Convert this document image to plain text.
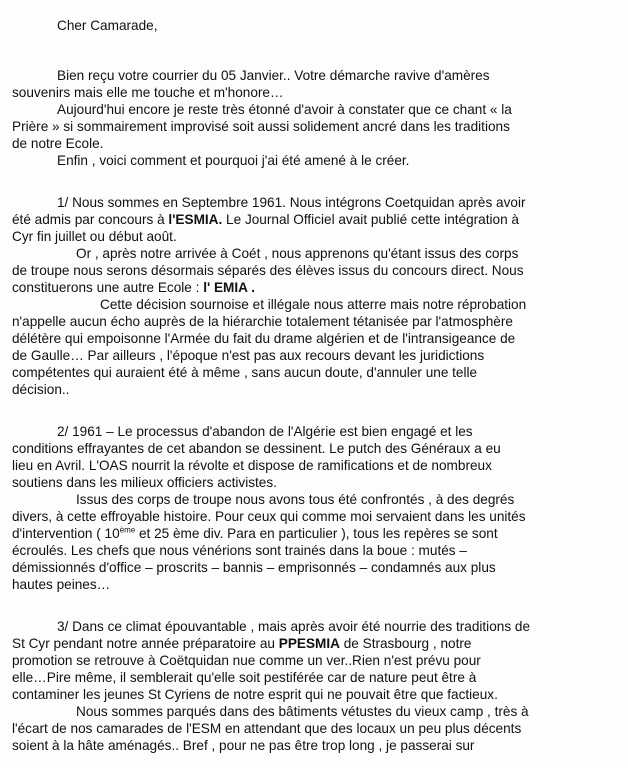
Cher Camarade,
Bien reçu votre courrier du 05 Janvier.. Votre démarche ravive d'amères
souvenirs mais elle me touche et m'honore…
Aujourd'hui encore je reste très étonné d'avoir à constater que ce chant « la
Prière » si sommairement improvisé soit aussi solidement ancré dans les traditions
de notre Ecole.
Enfin , voici comment et pourquoi j'ai été amené à le créer.
1/ Nous sommes en Septembre 1961. Nous intégrons Coetquidan après avoir
été admis par concours à l'ESMIA. Le Journal Officiel avait publié cette intégration à
Cyr fin juillet ou début août.
Or , après notre arrivée à Coét , nous apprenons qu'étant issus des corps
de troupe nous serons désormais séparés des élèves issus du concours direct. Nous
constituerons une autre Ecole : l' EMIA .
Cette décision sournoise et illégale nous atterre mais notre réprobation
n'appelle aucun écho auprès de la hiérarchie totalement tétanisée par l'atmosphère
délétère qui empoisonne l'Armée du fait du drame algérien et de l'intransigeance de
de Gaulle… Par ailleurs , l'époque n'est pas aux recours devant les juridictions
compétentes qui auraient été à même , sans aucun doute, d'annuler une telle
décision..
2/ 1961 – Le processus d'abandon de l'Algérie est bien engagé et les
conditions effrayantes de cet abandon se dessinent. Le putch des Généraux a eu
lieu en Avril. L'OAS nourrit la révolte et dispose de ramifications et de nombreux
soutiens dans les milieux officiers activistes.
Issus des corps de troupe nous avons tous été confrontés , à des degrés
divers, à cette effroyable histoire. Pour ceux qui comme moi servaient dans les unités
d'intervention ( 10ème et 25 ème div. Para en particulier ), tous les repères se sont
écroulés. Les chefs que nous vénérions sont trainés dans la boue : mutés –
démissionnés d'office – proscrits – bannis – emprisonnés – condamnés aux plus
hautes peines…
3/ Dans ce climat épouvantable , mais après avoir été nourrie des traditions de
St Cyr pendant notre année préparatoire au PPESMIA de Strasbourg , notre
promotion se retrouve à Coëtquidan nue comme un ver..Rien n'est prévu pour
elle…Pire même, il semblerait qu'elle soit pestiférée car de nature peut être à
contaminer les jeunes St Cyriens de notre esprit qui ne pouvait être que factieux.
Nous sommes parqués dans des bâtiments vétustes du vieux camp , très à
l'écart de nos camarades de l'ESM en attendant que des locaux un peu plus décents
soient à la hâte aménagés.. Bref , pour ne pas être trop long , je passerai sur
